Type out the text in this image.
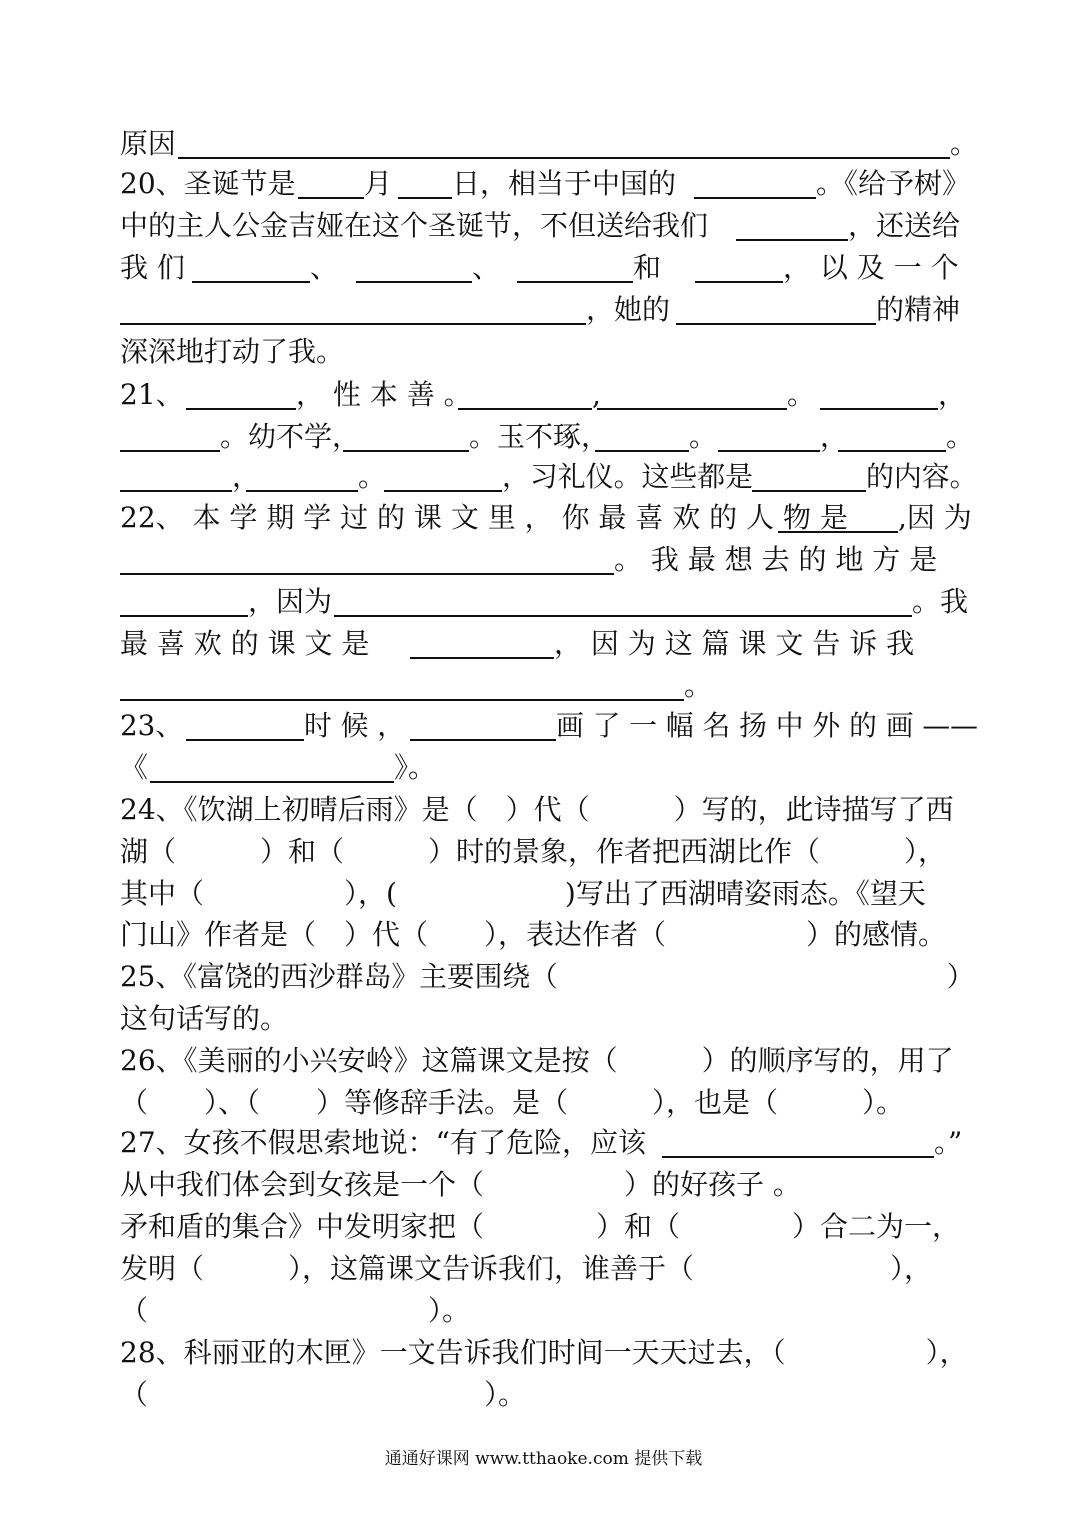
原因	。
20、圣诞节是 月 日，相当于中国的	。《给予树》
中的主人公金吉娅在这个圣诞节，不但送给我们	，还送给
我 们	、	、	和	， 以 及 一 个
，她的	的精神
深深地打动了我。
21、	， 性 本 善 。	,	。	，
。幼不学，	。玉不琢，	。	，	。
，	。	，习礼仪。这些都是	的内容。
22、 本 学 期 学 过 的 课 文 里 ， 你 最 喜 欢 的 人 物 是 ,因 为
。 我 最 想 去 的 地 方 是
，因为	。我
最 喜 欢 的 课 文 是	， 因 为 这 篇 课 文 告 诉 我
。
23、	时 候 ，	画 了 一 幅 名 扬 中 外 的 画 ——
《	》。
24、《饮湖上初晴后雨》是（　）代（　　　）写的，此诗描写了西
湖（　　　）和（　　　）时的景象，作者把西湖比作（　　　），
其中（　　　　　），(　　　　　　)写出了西湖晴姿雨态。《望天
门山》作者是（　）代（　　），表达作者（　　　　　）的感情。
25、《富饶的西沙群岛》主要围绕（　　　　　　　　　　　　　　）
这句话写的。
26、《美丽的小兴安岭》这篇课文是按（　　　）的顺序写的，用了
（　　）、（　　）等修辞手法。是（　　　），也是（　　　）。
27、女孩不假思索地说：“有了危险，应该	。”
从中我们体会到女孩是一个（　　　　　）的好孩子 。
矛和盾的集合》中发明家把（　　　　）和（　　　　）合二为一，
发明（　　　），这篇课文告诉我们，谁善于（　　　　　　　），
（　　　　　　　　　　）。
28、科丽亚的木匣》一文告诉我们时间一天天过去，（　　　　　），
（　　　　　　　　　　　　）。
通通好课网 www.tthaoke.com 提供下载
